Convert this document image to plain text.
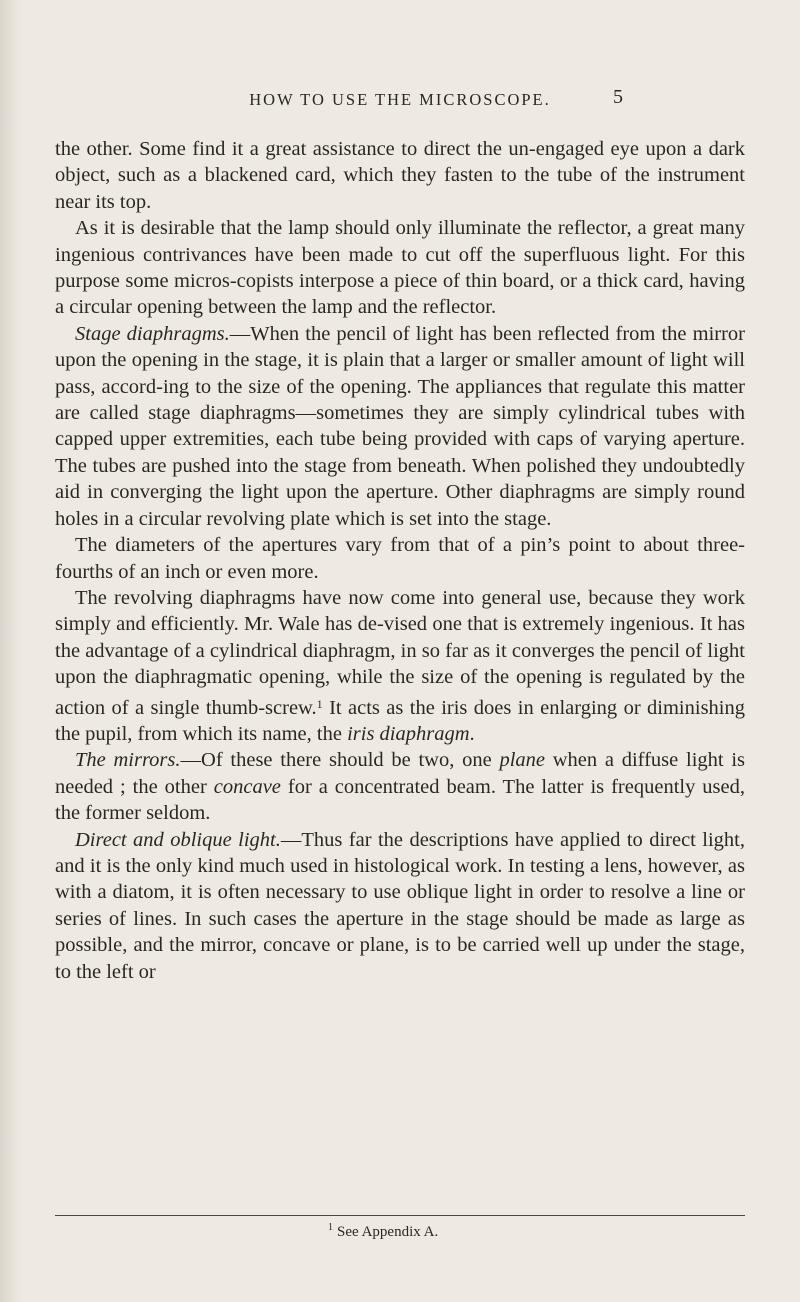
HOW TO USE THE MICROSCOPE.	5

the other. Some find it a great assistance to direct the un-engaged eye upon a dark object, such as a blackened card, which they fasten to the tube of the instrument near its top.

As it is desirable that the lamp should only illuminate the reflector, a great many ingenious contrivances have been made to cut off the superfluous light. For this purpose some micros-copists interpose a piece of thin board, or a thick card, having a circular opening between the lamp and the reflector.

Stage diaphragms.—When the pencil of light has been reflected from the mirror upon the opening in the stage, it is plain that a larger or smaller amount of light will pass, accord-ing to the size of the opening. The appliances that regulate this matter are called stage diaphragms—sometimes they are simply cylindrical tubes with capped upper extremities, each tube being provided with caps of varying aperture. The tubes are pushed into the stage from beneath. When polished they undoubtedly aid in converging the light upon the aperture. Other diaphragms are simply round holes in a circular revolving plate which is set into the stage.

The diameters of the apertures vary from that of a pin’s point to about three-fourths of an inch or even more.

The revolving diaphragms have now come into general use, because they work simply and efficiently. Mr. Wale has de-vised one that is extremely ingenious. It has the advantage of a cylindrical diaphragm, in so far as it converges the pencil of light upon the diaphragmatic opening, while the size of the opening is regulated by the action of a single thumb-screw.$^1$ It acts as the iris does in enlarging or diminishing the pupil, from which its name, the iris diaphragm.

The mirrors.—Of these there should be two, one plane when a diffuse light is needed ; the other concave for a concentrated beam. The latter is frequently used, the former seldom.

Direct and oblique light.—Thus far the descriptions have applied to direct light, and it is the only kind much used in histological work. In testing a lens, however, as with a diatom, it is often necessary to use oblique light in order to resolve a line or series of lines. In such cases the aperture in the stage should be made as large as possible, and the mirror, concave or plane, is to be carried well up under the stage, to the left or

$^1$ See Appendix A.
